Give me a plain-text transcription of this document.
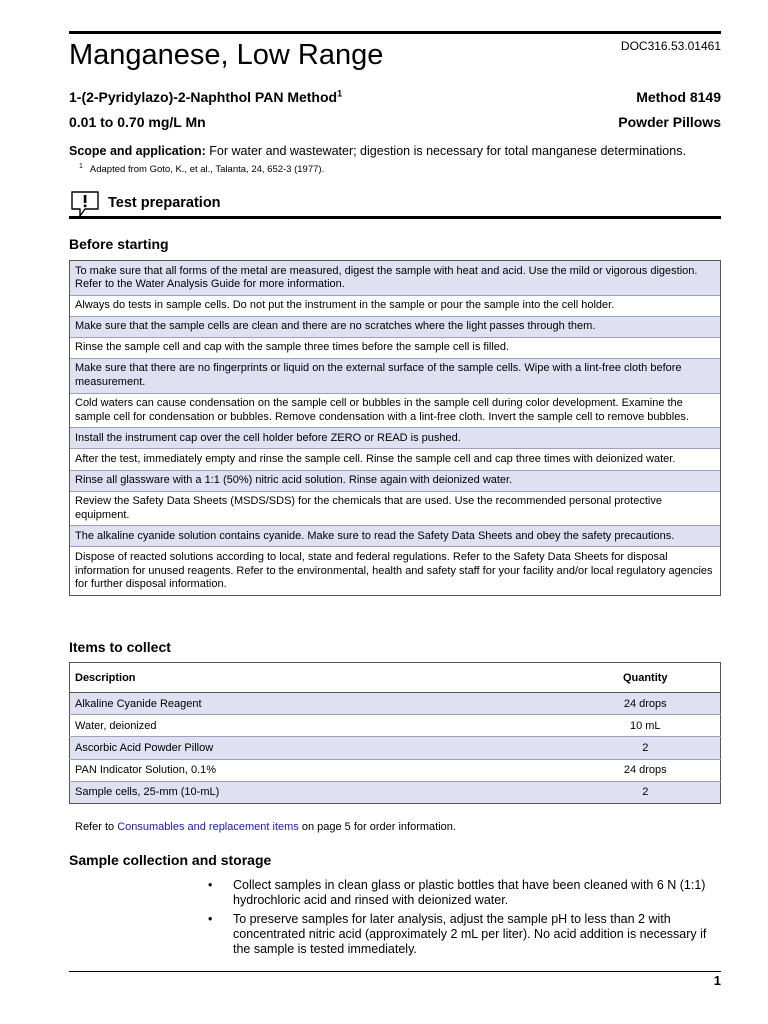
Manganese, Low Range	DOC316.53.01461
1-(2-Pyridylazo)-2-Naphthol PAN Method$^1$	Method 8149
0.01 to 0.70 mg/L Mn	Powder Pillows
Scope and application: For water and wastewater; digestion is necessary for total manganese determinations.
$^1$ Adapted from Goto, K., et al., Talanta, 24, 652-3 (1977).
Test preparation
Before starting
To make sure that all forms of the metal are measured, digest the sample with heat and acid. Use the mild or vigorous digestion. Refer to the Water Analysis Guide for more information.
Always do tests in sample cells. Do not put the instrument in the sample or pour the sample into the cell holder.
Make sure that the sample cells are clean and there are no scratches where the light passes through them.
Rinse the sample cell and cap with the sample three times before the sample cell is filled.
Make sure that there are no fingerprints or liquid on the external surface of the sample cells. Wipe with a lint-free cloth before measurement.
Cold waters can cause condensation on the sample cell or bubbles in the sample cell during color development. Examine the sample cell for condensation or bubbles. Remove condensation with a lint-free cloth. Invert the sample cell to remove bubbles.
Install the instrument cap over the cell holder before ZERO or READ is pushed.
After the test, immediately empty and rinse the sample cell. Rinse the sample cell and cap three times with deionized water.
Rinse all glassware with a 1:1 (50%) nitric acid solution. Rinse again with deionized water.
Review the Safety Data Sheets (MSDS/SDS) for the chemicals that are used. Use the recommended personal protective equipment.
The alkaline cyanide solution contains cyanide. Make sure to read the Safety Data Sheets and obey the safety precautions.
Dispose of reacted solutions according to local, state and federal regulations. Refer to the Safety Data Sheets for disposal information for unused reagents. Refer to the environmental, health and safety staff for your facility and/or local regulatory agencies for further disposal information.
Items to collect
Description	Quantity
Alkaline Cyanide Reagent	24 drops
Water, deionized	10 mL
Ascorbic Acid Powder Pillow	2
PAN Indicator Solution, 0.1%	24 drops
Sample cells, 25-mm (10-mL)	2
Refer to Consumables and replacement items on page 5 for order information.
Sample collection and storage
•	Collect samples in clean glass or plastic bottles that have been cleaned with 6 N (1:1) hydrochloric acid and rinsed with deionized water.
•	To preserve samples for later analysis, adjust the sample pH to less than 2 with concentrated nitric acid (approximately 2 mL per liter). No acid addition is necessary if the sample is tested immediately.
1
